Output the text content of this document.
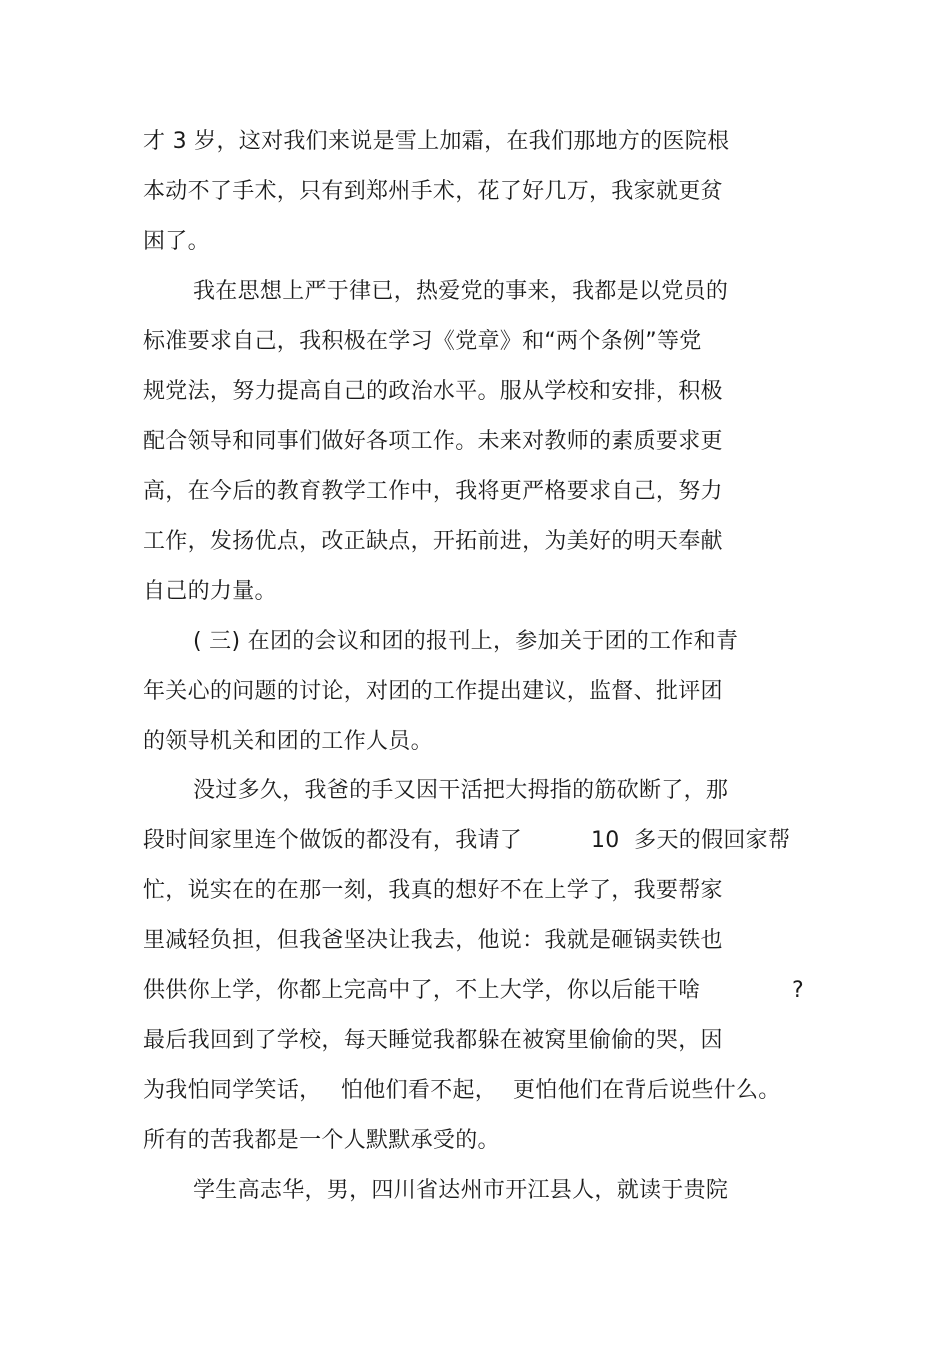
才 3 岁，这对我们来说是雪上加霜，在我们那地方的医院根
本动不了手术，只有到郑州手术，花了好几万，我家就更贫
困了。
我在思想上严于律已，热爱党的事来，我都是以党员的
标准要求自己，我积极在学习《党章》和“两个条例”等党
规党法，努力提高自己的政治水平。服从学校和安排，积极
配合领导和同事们做好各项工作。未来对教师的素质要求更
高，在今后的教育教学工作中，我将更严格要求自己，努力
工作，发扬优点，改正缺点，开拓前进，为美好的明天奉献
自己的力量。
( 三) 在团的会议和团的报刊上，参加关于团的工作和青
年关心的问题的讨论，对团的工作提出建议，监督、批评团
的领导机关和团的工作人员。
没过多久，我爸的手又因干活把大拇指的筋砍断了，那
段时间家里连个做饭的都没有，我请了	10  多天的假回家帮
忙，说实在的在那一刻，我真的想好不在上学了，我要帮家
里减轻负担，但我爸坚决让我去，他说：我就是砸锅卖铁也
供供你上学，你都上完高中了，不上大学，你以后能干啥	?
最后我回到了学校，每天睡觉我都躲在被窝里偷偷的哭，因
为我怕同学笑话， 怕他们看不起， 更怕他们在背后说些什么。
所有的苦我都是一个人默默承受的。
学生高志华，男，四川省达州市开江县人，就读于贵院
